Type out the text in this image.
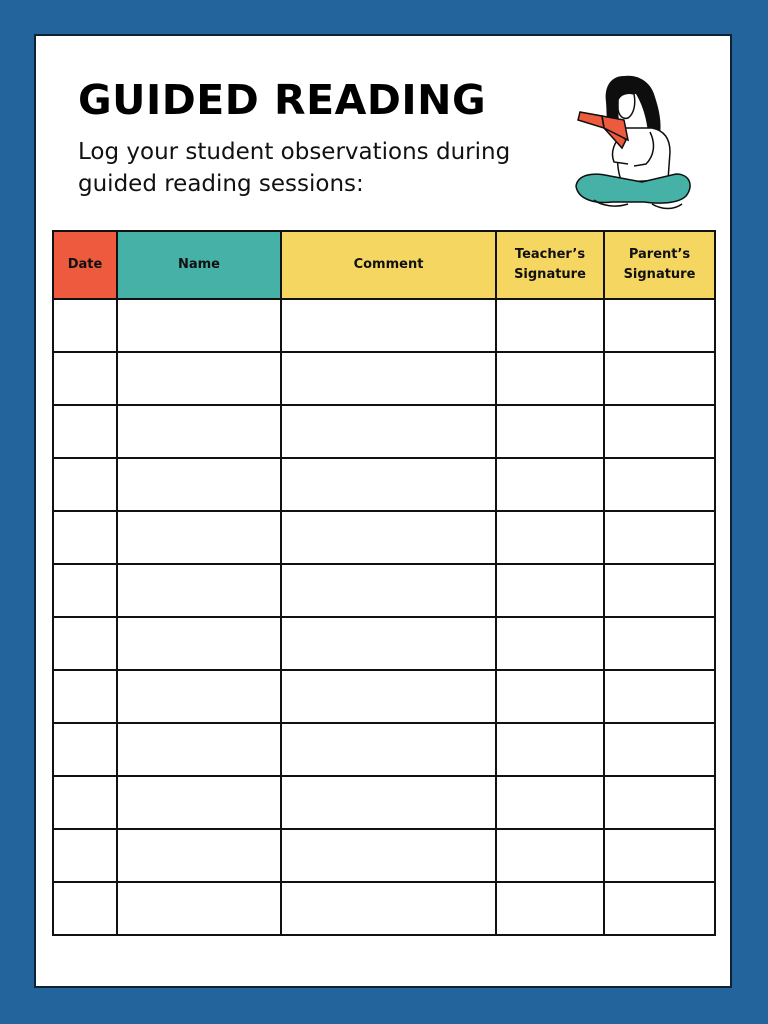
GUIDED READING

Log your student observations during guided reading sessions:

Date	Name	Comment	Teacher’s Signature	Parent’s Signature
